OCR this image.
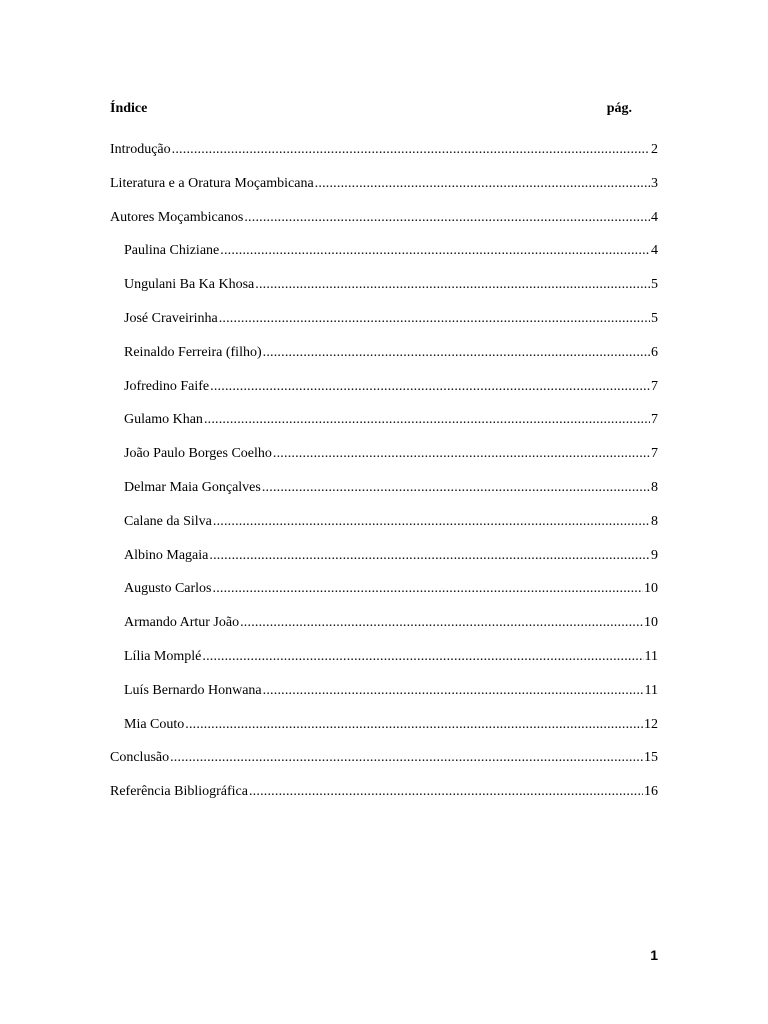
Índice	pág.
Introdução .....	2
Literatura e a Oratura Moçambicana .....	3
Autores Moçambicanos .....	4
Paulina Chiziane .....	4
Ungulani Ba Ka Khosa .....	5
José Craveirinha .....	5
Reinaldo Ferreira (filho) .....	6
Jofredino Faife .....	7
Gulamo Khan .....	7
João Paulo Borges Coelho .....	7
Delmar Maia Gonçalves .....	8
Calane da Silva .....	8
Albino Magaia .....	9
Augusto Carlos .....	10
Armando Artur João .....	10
Lília Momplé .....	11
Luís Bernardo Honwana .....	11
Mia Couto .....	12
Conclusão .....	15
Referência Bibliográfica .....	16
1
